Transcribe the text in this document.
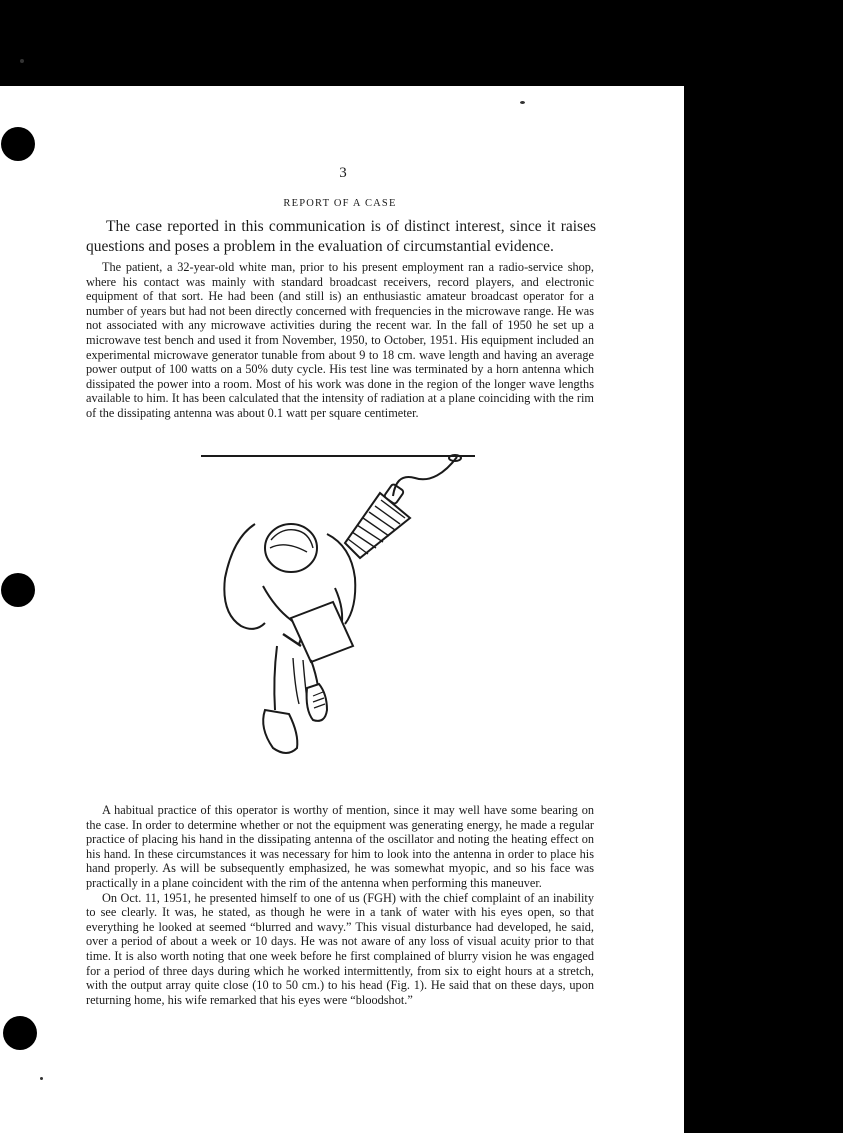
3
REPORT OF A CASE

The case reported in this communication is of distinct interest, since it raises questions and poses a problem in the evaluation of circumstantial evidence.

The patient, a 32-year-old white man, prior to his present employment ran a radio-service shop, where his contact was mainly with standard broadcast receivers, record players, and electronic equipment of that sort. He had been (and still is) an enthusiastic amateur broadcast operator for a number of years but had not been directly concerned with frequencies in the microwave range. He was not associated with any microwave activities during the recent war. In the fall of 1950 he set up a microwave test bench and used it from November, 1950, to October, 1951. His equipment included an experimental microwave generator tunable from about 9 to 18 cm. wave length and having an average power output of 100 watts on a 50% duty cycle. His test line was terminated by a horn antenna which dissipated the power into a room. Most of his work was done in the region of the longer wave lengths available to him. It has been calculated that the intensity of radiation at a plane coinciding with the rim of the dissipating antenna was about 0.1 watt per square centimeter.

A habitual practice of this operator is worthy of mention, since it may well have some bearing on the case. In order to determine whether or not the equipment was generating energy, he made a regular practice of placing his hand in the dissipating antenna of the oscillator and noting the heating effect on his hand. In these circumstances it was necessary for him to look into the antenna in order to place his hand properly. As will be subsequently emphasized, he was somewhat myopic, and so his face was practically in a plane coincident with the rim of the antenna when performing this maneuver.

On Oct. 11, 1951, he presented himself to one of us (FGH) with the chief complaint of an inability to see clearly. It was, he stated, as though he were in a tank of water with his eyes open, so that everything he looked at seemed “blurred and wavy.” This visual disturbance had developed, he said, over a period of about a week or 10 days. He was not aware of any loss of visual acuity prior to that time. It is also worth noting that one week before he first complained of blurry vision he was engaged for a period of three days during which he worked intermittently, from six to eight hours at a stretch, with the output array quite close (10 to 50 cm.) to his head (Fig. 1). He said that on these days, upon returning home, his wife remarked that his eyes were “bloodshot.”
